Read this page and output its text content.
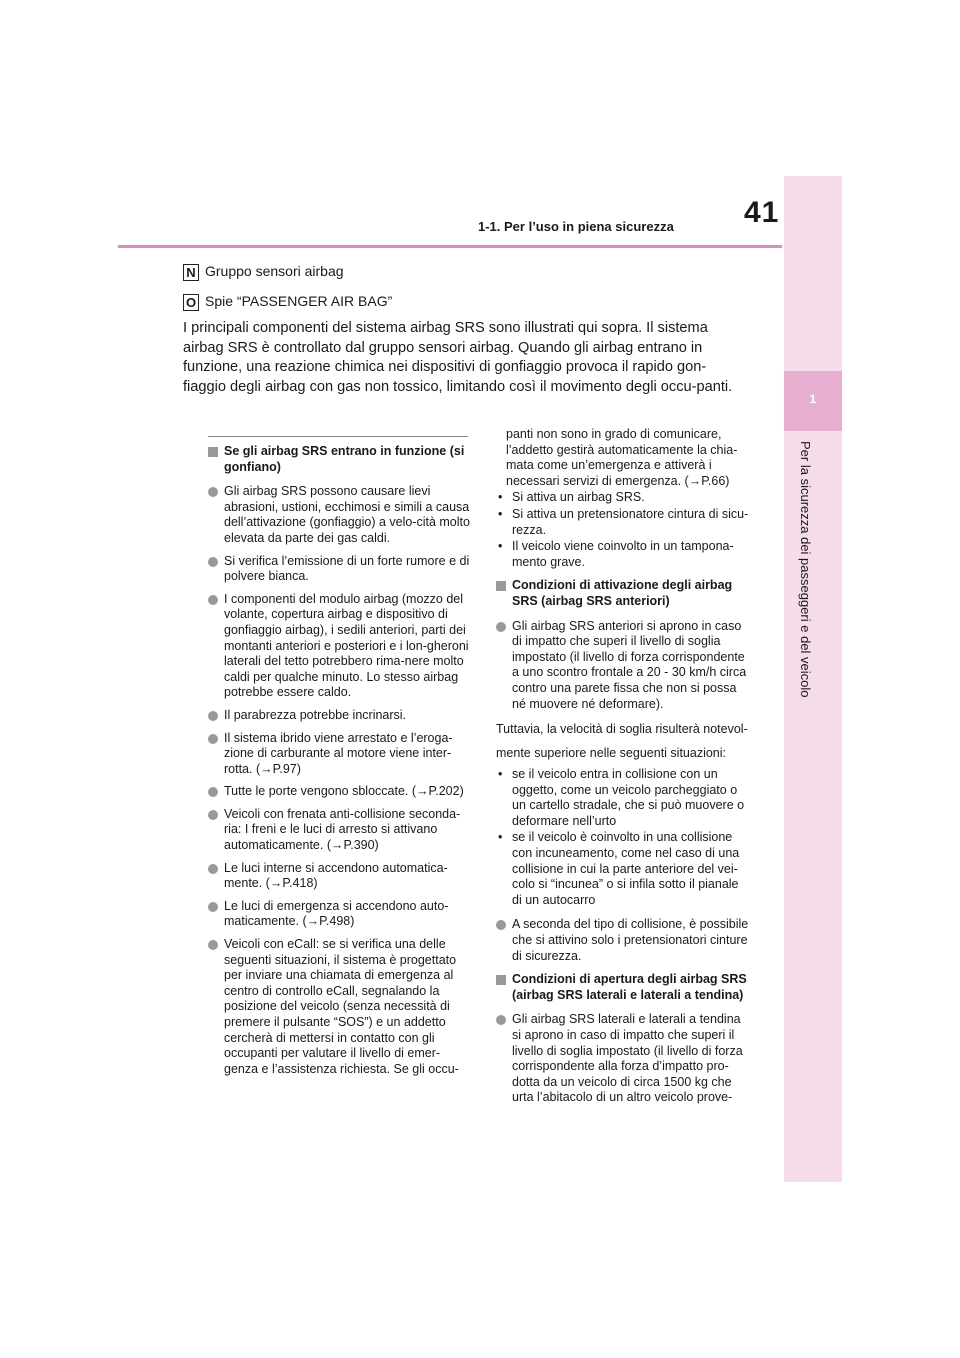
41
1-1. Per l’uso in piena sicurezza
1
Per la sicurezza dei passeggeri e del veicolo
N Gruppo sensori airbag
O Spie “PASSENGER AIR BAG”

I principali componenti del sistema airbag SRS sono illustrati qui sopra. Il sistema airbag SRS è controllato dal gruppo sensori airbag. Quando gli airbag entrano in funzione, una reazione chimica nei dispositivi di gonfiaggio provoca il rapido gon-fiaggio degli airbag con gas non tossico, limitando così il movimento degli occu-panti.

Se gli airbag SRS entrano in funzione (si gonfiano)
Gli airbag SRS possono causare lievi abrasioni, ustioni, ecchimosi e simili a causa dell’attivazione (gonfiaggio) a velo-cità molto elevata da parte dei gas caldi.
Si verifica l’emissione di un forte rumore e di polvere bianca.
I componenti del modulo airbag (mozzo del volante, copertura airbag e dispositivo di gonfiaggio airbag), i sedili anteriori, parti dei montanti anteriori e posteriori e i lon-gheroni laterali del tetto potrebbero rima-nere molto caldi per qualche minuto. Lo stesso airbag potrebbe essere caldo.
Il parabrezza potrebbe incrinarsi.
Il sistema ibrido viene arrestato e l’eroga-zione di carburante al motore viene inter-rotta. (→P.97)
Tutte le porte vengono sbloccate. (→P.202)
Veicoli con frenata anti-collisione seconda-ria: I freni e le luci di arresto si attivano automaticamente. (→P.390)
Le luci interne si accendono automatica-mente. (→P.418)
Le luci di emergenza si accendono auto-maticamente. (→P.498)
Veicoli con eCall: se si verifica una delle seguenti situazioni, il sistema è progettato per inviare una chiamata di emergenza al centro di controllo eCall, segnalando la posizione del veicolo (senza necessità di premere il pulsante “SOS”) e un addetto cercherà di mettersi in contatto con gli occupanti per valutare il livello di emer-genza e l’assistenza richiesta. Se gli occu-
panti non sono in grado di comunicare, l’addetto gestirà automaticamente la chia-mata come un’emergenza e attiverà i necessari servizi di emergenza. (→P.66)
• Si attiva un airbag SRS.
• Si attiva un pretensionatore cintura di sicu-rezza.
• Il veicolo viene coinvolto in un tampona-mento grave.
Condizioni di attivazione degli airbag SRS (airbag SRS anteriori)
Gli airbag SRS anteriori si aprono in caso di impatto che superi il livello di soglia impostato (il livello di forza corrispondente a uno scontro frontale a 20 - 30 km/h circa contro una parete fissa che non si possa né muovere né deformare).
Tuttavia, la velocità di soglia risulterà notevol-
mente superiore nelle seguenti situazioni:
• se il veicolo entra in collisione con un oggetto, come un veicolo parcheggiato o un cartello stradale, che si può muovere o deformare nell’urto
• se il veicolo è coinvolto in una collisione con incuneamento, come nel caso di una collisione in cui la parte anteriore del vei-colo si “incunea” o si infila sotto il pianale di un autocarro
A seconda del tipo di collisione, è possibile che si attivino solo i pretensionatori cinture di sicurezza.
Condizioni di apertura degli airbag SRS (airbag SRS laterali e laterali a tendina)
Gli airbag SRS laterali e laterali a tendina si aprono in caso di impatto che superi il livello di soglia impostato (il livello di forza corrispondente alla forza d’impatto pro-dotta da un veicolo di circa 1500 kg che urta l’abitacolo di un altro veicolo prove-
